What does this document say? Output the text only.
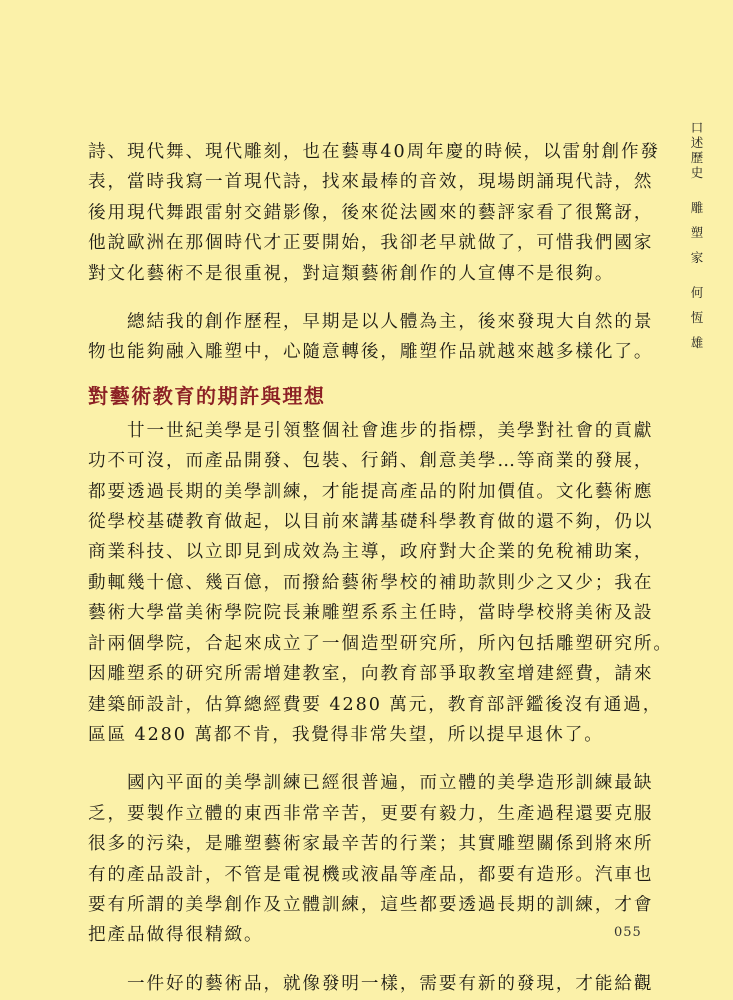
詩、現代舞、現代雕刻，也在藝專40周年慶的時候，以雷射創作發

表，當時我寫一首現代詩，找來最棒的音效，現場朗誦現代詩，然

後用現代舞跟雷射交錯影像，後來從法國來的藝評家看了很驚訝，

他說歐洲在那個時代才正要開始，我卻老早就做了，可惜我們國家

對文化藝術不是很重視，對這類藝術創作的人宣傳不是很夠。

　　總結我的創作歷程，早期是以人體為主，後來發現大自然的景

物也能夠融入雕塑中，心隨意轉後，雕塑作品就越來越多樣化了。

對藝術教育的期許與理想

　　廿一世紀美學是引領整個社會進步的指標，美學對社會的貢獻

功不可沒，而產品開發、包裝、行銷、創意美學…等商業的發展，

都要透過長期的美學訓練，才能提高產品的附加價值。文化藝術應

從學校基礎教育做起，以目前來講基礎科學教育做的還不夠，仍以

商業科技、以立即見到成效為主導，政府對大企業的免稅補助案，

動輒幾十億、幾百億，而撥給藝術學校的補助款則少之又少；我在

藝術大學當美術學院院長兼雕塑系系主任時，當時學校將美術及設

計兩個學院，合起來成立了一個造型研究所，所內包括雕塑研究所。

因雕塑系的研究所需增建教室，向教育部爭取教室增建經費，請來

建築師設計，估算總經費要 4280 萬元，教育部評鑑後沒有通過，

區區 4280 萬都不肯，我覺得非常失望，所以提早退休了。

　　國內平面的美學訓練已經很普遍，而立體的美學造形訓練最缺

乏，要製作立體的東西非常辛苦，更要有毅力，生產過程還要克服

很多的污染，是雕塑藝術家最辛苦的行業；其實雕塑關係到將來所

有的產品設計，不管是電視機或液晶等產品，都要有造形。汽車也

要有所謂的美學創作及立體訓練，這些都要透過長期的訓練，才會

把產品做得很精緻。

　　一件好的藝術品，就像發明一樣，需要有新的發現，才能給觀

口
述
歷
史
雕
塑
家
何
恆
雄
055
